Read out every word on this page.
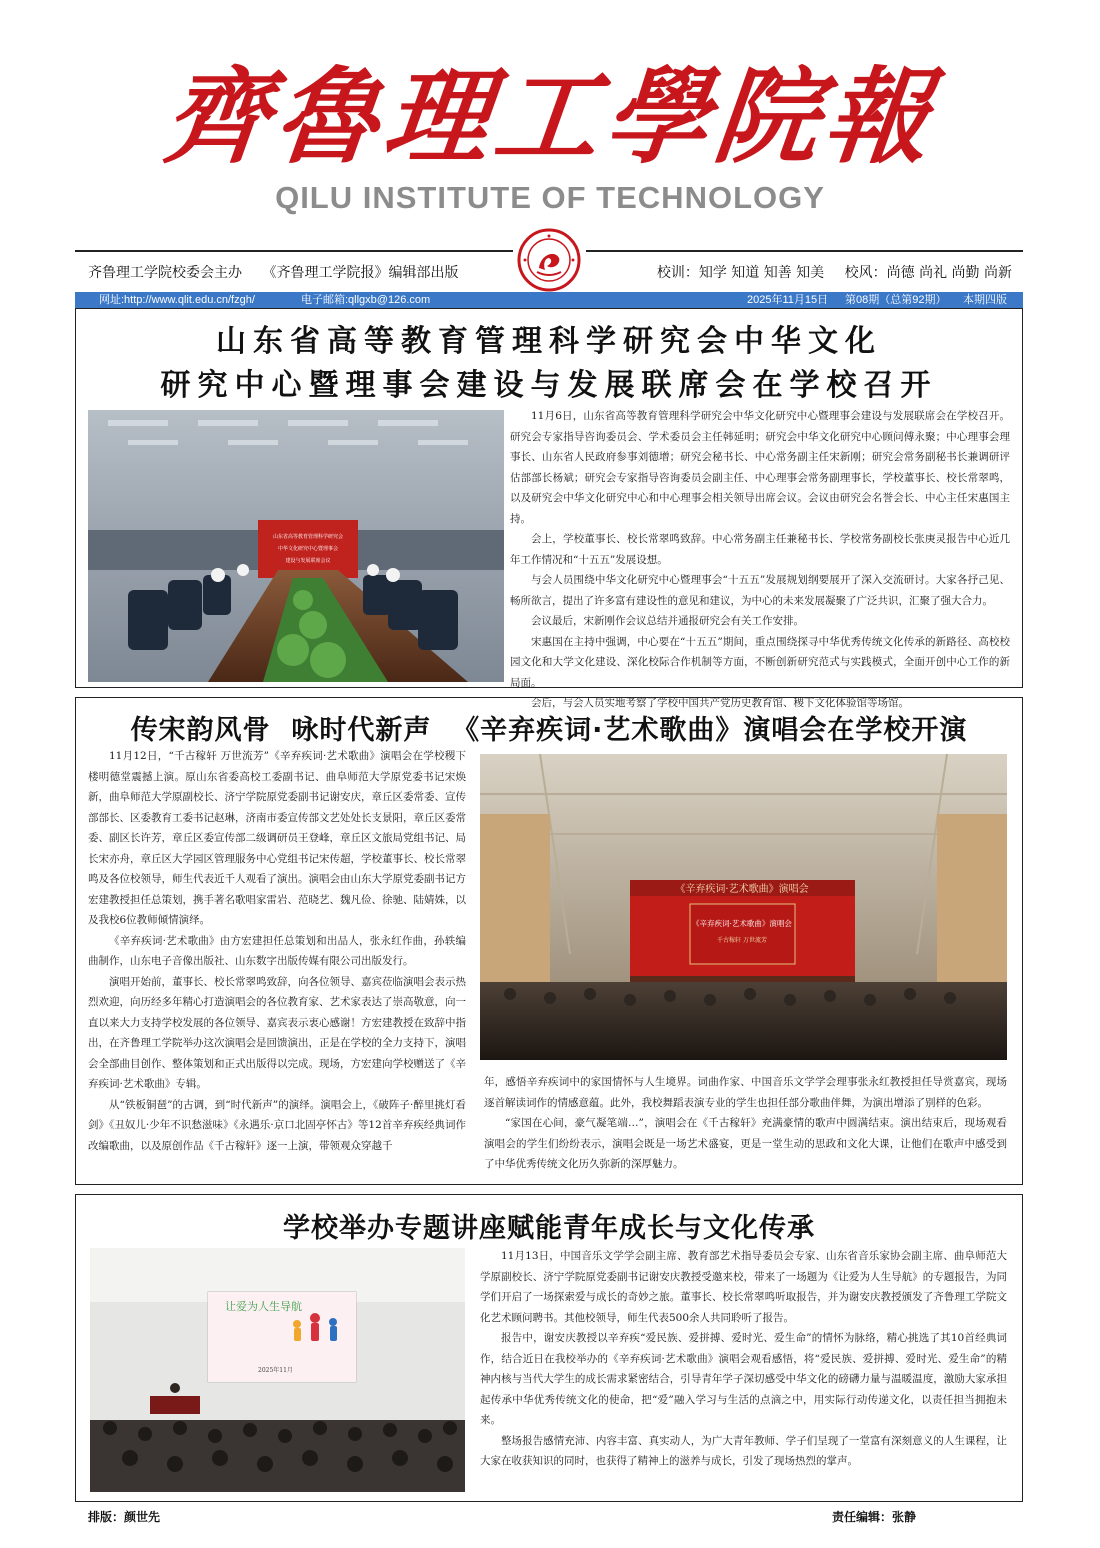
齊魯理工學院報
QILU INSTITUTE OF TECHNOLOGY
齐鲁理工学院校委会主办 《齐鲁理工学院报》编辑部出版	校训：知学 知道 知善 知美 校风：尚德 尚礼 尚勤 尚新
网址:http://www.qlit.edu.cn/fzgh/	电子邮箱:qllgxb@126.com	2025年11月15日 第08期（总第92期） 本期四版
山东省高等教育管理科学研究会中华文化
研究中心暨理事会建设与发展联席会在学校召开
山东省高等教育管理科学研究会
中华文化研究中心暨理事会
建设与发展联席会议

11月6日，山东省高等教育管理科学研究会中华文化研究中心暨理事会建设与发展联席会在学校召开。研究会专家指导咨询委员会、学术委员会主任韩延明；研究会中华文化研究中心顾问傅永聚；中心理事会理事长、山东省人民政府参事刘德增；研究会秘书长、中心常务副主任宋新刚；研究会常务副秘书长兼调研评估部部长杨斌；研究会专家指导咨询委员会副主任、中心理事会常务副理事长，学校董事长、校长常翠鸣，以及研究会中华文化研究中心和中心理事会相关领导出席会议。会议由研究会名誉会长、中心主任宋惠国主持。

会上，学校董事长、校长常翠鸣致辞。中心常务副主任兼秘书长、学校常务副校长张庚灵报告中心近几年工作情况和“十五五”发展设想。

与会人员围绕中华文化研究中心暨理事会“十五五”发展规划纲要展开了深入交流研讨。大家各抒己见、畅所欲言，提出了许多富有建设性的意见和建议，为中心的未来发展凝聚了广泛共识，汇聚了强大合力。

会议最后，宋新刚作会议总结并通报研究会有关工作安排。

宋惠国在主持中强调，中心要在“十五五”期间，重点围绕探寻中华优秀传统文化传承的新路径、高校校园文化和大学文化建设、深化校际合作机制等方面，不断创新研究范式与实践模式，全面开创中心工作的新局面。

会后，与会人员实地考察了学校中国共产党历史教育馆、稷下文化体验馆等场馆。

传宋韵风骨  咏时代新声  《辛弃疾词·艺术歌曲》演唱会在学校开演

11月12日，“千古稼轩 万世流芳”《辛弃疾词·艺术歌曲》演唱会在学校稷下楼明德堂震撼上演。原山东省委高校工委副书记、曲阜师范大学原党委书记宋焕新，曲阜师范大学原副校长、济宁学院原党委副书记谢安庆，章丘区委常委、宣传部部长、区委教育工委书记赵琳，济南市委宣传部文艺处处长支景阳，章丘区委常委、副区长许芳，章丘区委宣传部二级调研员王登峰，章丘区文旅局党组书记、局长宋亦舟，章丘区大学园区管理服务中心党组书记宋传超，学校董事长、校长常翠鸣及各位校领导，师生代表近千人观看了演出。演唱会由山东大学原党委副书记方宏建教授担任总策划，携手著名歌唱家雷岩、范晓艺、魏凡俭、徐驰、陆婧姝，以及我校6位教师倾情演绎。

《辛弃疾词·艺术歌曲》由方宏建担任总策划和出品人，张永红作曲，孙轶编曲制作，山东电子音像出版社、山东数字出版传媒有限公司出版发行。

演唱开始前，董事长、校长常翠鸣致辞，向各位领导、嘉宾莅临演唱会表示热烈欢迎，向历经多年精心打造演唱会的各位教育家、艺术家表达了崇高敬意，向一直以来大力支持学校发展的各位领导、嘉宾表示衷心感谢！方宏建教授在致辞中指出，在齐鲁理工学院举办这次演唱会是回馈演出，正是在学校的全力支持下，演唱会全部曲目创作、整体策划和正式出版得以完成。现场，方宏建向学校赠送了《辛弃疾词·艺术歌曲》专辑。

从“铁板铜琶”的古调，到“时代新声”的演绎。演唱会上，《破阵子·醉里挑灯看剑》《丑奴儿·少年不识愁滋味》《永遇乐·京口北固亭怀古》等12首辛弃疾经典词作改编歌曲，以及原创作品《千古稼轩》逐一上演，带领观众穿越千

《辛弃疾词·艺术歌曲》演唱会
《辛弃疾词·艺术歌曲》演唱会
千古稼轩 万世流芳

年，感悟辛弃疾词中的家国情怀与人生境界。词曲作家、中国音乐文学学会理事张永红教授担任导赏嘉宾，现场逐首解读词作的情感意蕴。此外，我校舞蹈表演专业的学生也担任部分歌曲伴舞，为演出增添了别样的色彩。

“家国在心间，豪气凝笔端…”，演唱会在《千古稼轩》充满豪情的歌声中圆满结束。演出结束后，现场观看演唱会的学生们纷纷表示，演唱会既是一场艺术盛宴，更是一堂生动的思政和文化大课，让他们在歌声中感受到了中华优秀传统文化历久弥新的深厚魅力。

学校举办专题讲座赋能青年成长与文化传承
让爱为人生导航
2025年11月

11月13日，中国音乐文学学会副主席、教育部艺术指导委员会专家、山东省音乐家协会副主席、曲阜师范大学原副校长、济宁学院原党委副书记谢安庆教授受邀来校，带来了一场题为《让爱为人生导航》的专题报告，为同学们开启了一场探索爱与成长的奇妙之旅。董事长、校长常翠鸣听取报告，并为谢安庆教授颁发了齐鲁理工学院文化艺术顾问聘书。其他校领导，师生代表500余人共同聆听了报告。

报告中，谢安庆教授以辛弃疾“爱民族、爱拼搏、爱时光、爱生命”的情怀为脉络，精心挑选了其10首经典词作，结合近日在我校举办的《辛弃疾词·艺术歌曲》演唱会观看感悟，将“爱民族、爱拼搏、爱时光、爱生命”的精神内核与当代大学生的成长需求紧密结合，引导青年学子深切感受中华文化的磅礴力量与温暖温度，激励大家承担起传承中华优秀传统文化的使命，把“爱”融入学习与生活的点滴之中，用实际行动传递文化，以责任担当拥抱未来。

整场报告感情充沛、内容丰富、真实动人，为广大青年教师、学子们呈现了一堂富有深刻意义的人生课程，让大家在收获知识的同时，也获得了精神上的滋养与成长，引发了现场热烈的掌声。

排版：颜世先	责任编辑：张静
